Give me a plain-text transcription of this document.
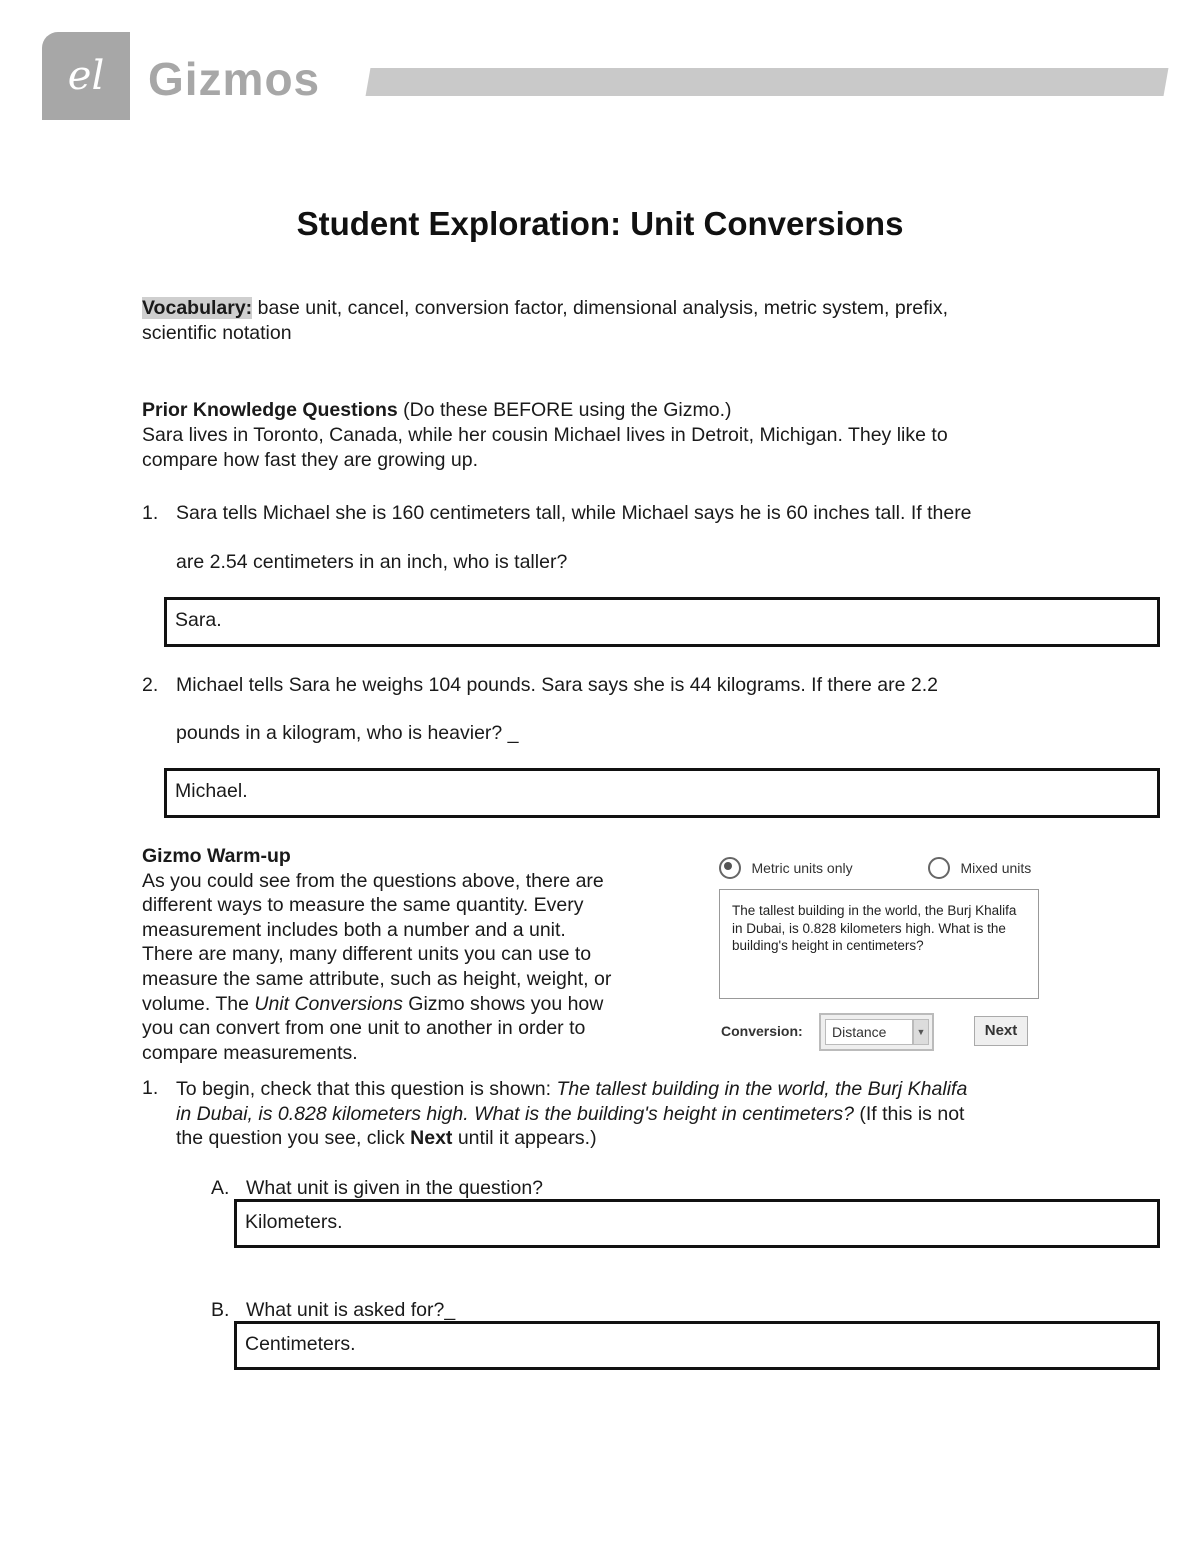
el Gizmos
Student Exploration: Unit Conversions
Vocabulary: base unit, cancel, conversion factor, dimensional analysis, metric system, prefix,
scientific notation
Prior Knowledge Questions (Do these BEFORE using the Gizmo.)
Sara lives in Toronto, Canada, while her cousin Michael lives in Detroit, Michigan. They like to
compare how fast they are growing up.
1. Sara tells Michael she is 160 centimeters tall, while Michael says he is 60 inches tall. If there
are 2.54 centimeters in an inch, who is taller?
Sara.
2. Michael tells Sara he weighs 104 pounds. Sara says she is 44 kilograms. If there are 2.2
pounds in a kilogram, who is heavier? _
Michael.
Gizmo Warm-up
As you could see from the questions above, there are
different ways to measure the same quantity. Every
measurement includes both a number and a unit.
There are many, many different units you can use to
measure the same attribute, such as height, weight, or
volume. The Unit Conversions Gizmo shows you how
you can convert from one unit to another in order to
compare measurements.
Metric units only	Mixed units
The tallest building in the world, the Burj Khalifa in Dubai, is 0.828 kilometers high. What is the building's height in centimeters?
Conversion:	Distance	▼	Next
1. To begin, check that this question is shown: The tallest building in the world, the Burj Khalifa
in Dubai, is 0.828 kilometers high. What is the building's height in centimeters? (If this is not
the question you see, click Next until it appears.)
A. What unit is given in the question?
Kilometers.
B. What unit is asked for?_
Centimeters.
